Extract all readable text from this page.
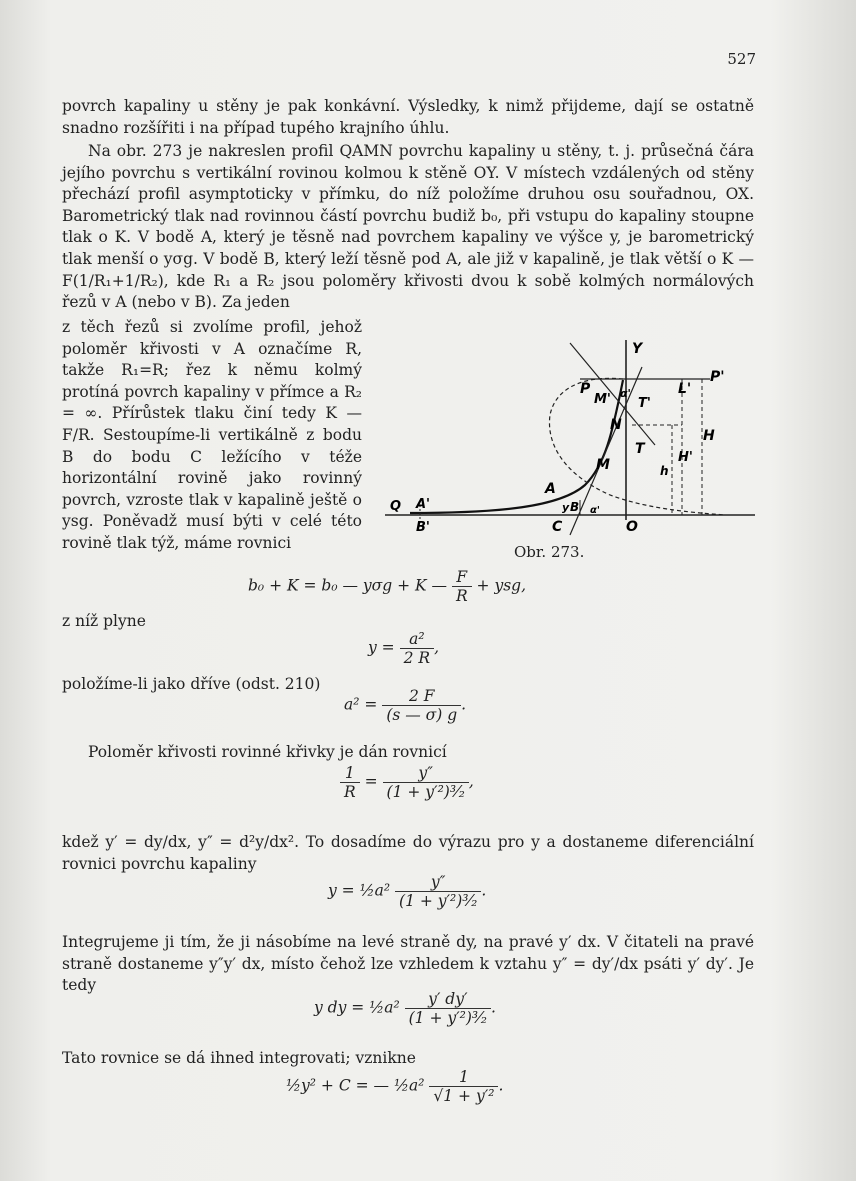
527
povrch kapaliny u stěny je pak konkávní. Výsledky, k nimž přijdeme, dají se ostatně snadno rozšířiti i na případ tupého krajního úhlu.
Na obr. 273 je nakreslen profil QAMN povrchu kapaliny u stěny, t. j. průsečná čára jejího povrchu s vertikální rovinou kolmou k stěně OY. V místech vzdálených od stěny přechází profil asymptoticky v přímku, do níž položíme druhou osu souřadnou, OX. Barometrický tlak nad rovinnou částí povrchu budiž b₀, při vstupu do kapaliny stoupne tlak o K. V bodě A, který je těsně nad povrchem kapaliny ve výšce y, je barometrický tlak menší o yσg. V bodě B, který leží těsně pod A, ale již v kapalině, je tlak větší o K — F(1/R₁+1/R₂), kde R₁ a R₂ jsou poloměry křivosti dvou k sobě kolmých normálových řezů v A (nebo v B). Za jeden
z těch řezů si zvolíme profil, jehož poloměr křivosti v A označíme R, takže R₁=R; řez k němu kolmý protíná povrch kapaliny v přímce a R₂ = ∞. Přírůstek tlaku činí tedy K — F/R. Sestoupíme-li vertikálně z bodu B do bodu C ležícího v téže horizontální rovině jako rovinný povrch, vzroste tlak v kapalině ještě o ysg. Poněvadž musí býti v celé této rovině tlak týž, máme rovnici
Y
P'
P
M'
L'
α'
T'
N
H
T
H'
M	h
A
Q A'	y B α'
B'	C	O
Obr. 273.
b₀ + K = b₀ — yσg + K — $\frac{F}{R}$ + ysg,
z níž plyne
$y = \frac{\text{a²}}{2 R}$ ,
položíme-li jako dříve (odst. 210)
$a^2 = \frac{2 F}{(s — \sigma) g}$ .
Poloměr křivosti rovinné křivky je dán rovnicí
$\frac{1}{R} = \frac{y''}{\text{(1 + y′²)³⁄₂}}$ ,
kdež y′ = dy/dx, y″ = d²y/dx². To dosadíme do výrazu pro y a dostaneme diferenciální rovnici povrchu kapaliny
y = ½a² $\frac{y''}{\text{(1 + y′²)³⁄₂}}$ .
Integrujeme ji tím, že ji násobíme na levé straně dy, na pravé y′ dx. V čitateli na pravé straně dostaneme y″y′ dx, místo čehož lze vzhledem k vztahu y″ = dy′/dx psáti y′ dy′. Je tedy
y dy = ½a² $\frac{y' dy'}{\text{(1 + y′²)³⁄₂}}$ .
Tato rovnice se dá ihned integrovati; vznikne
½y² + C = — ½a² $\frac{1}{\text{√1 + y′²}}$ .
